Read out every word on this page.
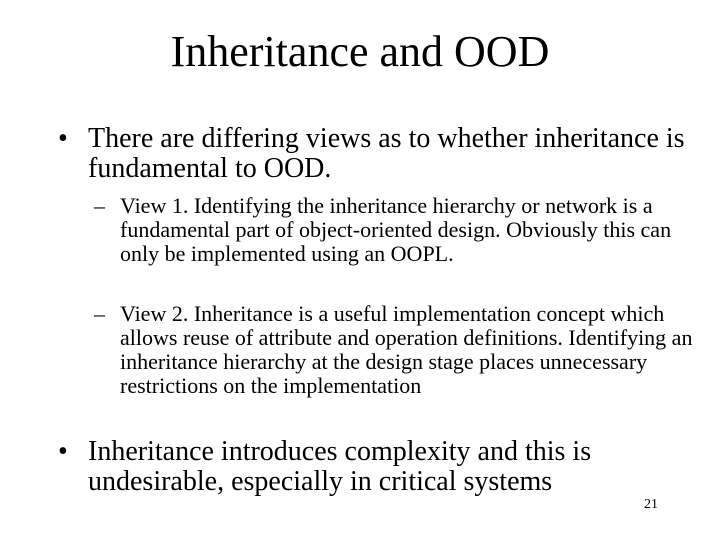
Inheritance and OOD
• There are differing views as to whether inheritance is fundamental to OOD.
– View 1. Identifying the inheritance hierarchy or network is a fundamental part of object-oriented design. Obviously this can only be implemented using an OOPL.
– View 2. Inheritance is a useful implementation concept which allows reuse of attribute and operation definitions. Identifying an inheritance hierarchy at the design stage places unnecessary restrictions on the implementation
• Inheritance introduces complexity and this is undesirable, especially in critical systems
21
